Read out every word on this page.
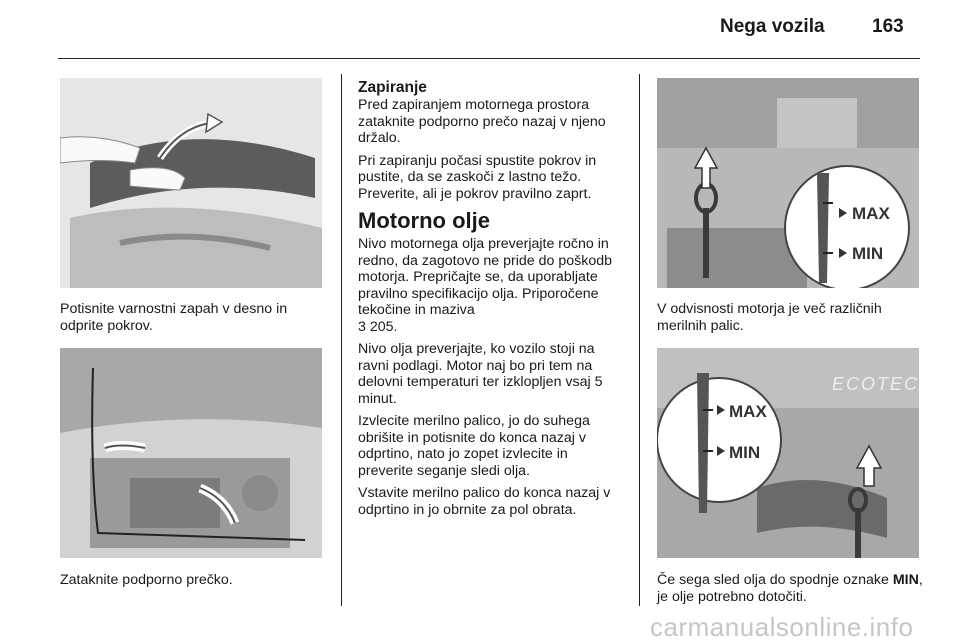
Nega vozila 163
Potisnite varnostni zapah v desno in odprite pokrov.
Zataknite podporno prečko.
Zapiranje

Pred zapiranjem motornega prostora zataknite podporno prečo nazaj v njeno držalo.

Pri zapiranju počasi spustite pokrov in pustite, da se zaskoči z lastno težo. Preverite, ali je pokrov pravilno zaprt.

Motorno olje

Nivo motornega olja preverjajte ročno in redno, da zagotovo ne pride do poškodb motorja. Prepričajte se, da uporabljate pravilno specifikacijo olja. Priporočene tekočine in maziva
3 205.

Nivo olja preverjajte, ko vozilo stoji na ravni podlagi. Motor naj bo pri tem na delovni temperaturi ter izklopljen vsaj 5 minut.

Izvlecite merilno palico, jo do suhega obrišite in potisnite do konca nazaj v odprtino, nato jo zopet izvlecite in preverite seganje sledi olja.

Vstavite merilno palico do konca nazaj v odprtino in jo obrnite za pol obrata.

MAX
MIN
V odvisnosti motorja je več različnih merilnih palic.
ECOTEC
MAX
MIN
Če sega sled olja do spodnje oznake MIN, je olje potrebno dotočiti.
carmanualsonline.info
